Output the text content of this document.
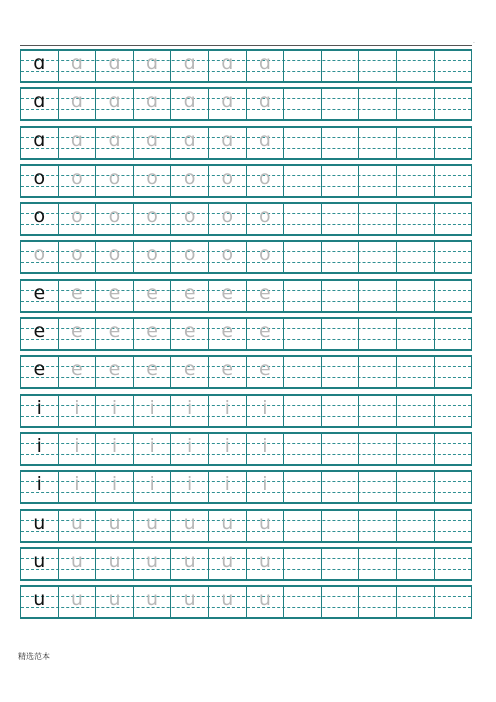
.
ɑ ɑ ɑ ɑ ɑ ɑ ɑ
ɑ ɑ ɑ ɑ ɑ ɑ ɑ
ɑ ɑ ɑ ɑ ɑ ɑ ɑ
o o o o o o o
o o o o o o o
o o o o o o o
e e e e e e e
e e e e e e e
e e e e e e e
i i i i i i i
i i i i i i i
i i i i i i i
u u u u u u u
u u u u u u u
u u u u u u u
精选范本
